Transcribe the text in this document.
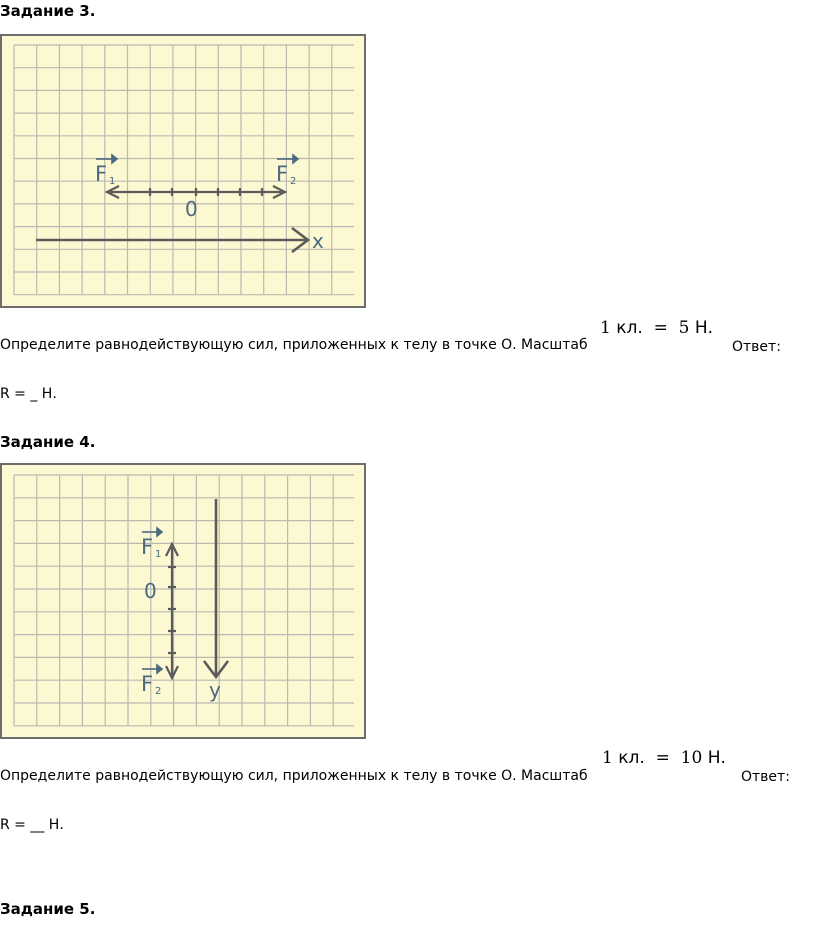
Задание 3.
F 1	F 2
0
x
Определите равнодействующую сил, приложенных к телу в точке О. Масштаб
1 кл. = 5 Н.
Ответ:
R = _ Н.
Задание 4.
F 1
F 2
0
y
Определите равнодействующую сил, приложенных к телу в точке О. Масштаб
1 кл. = 10 Н.
Ответ:
R = __ Н.
Задание 5.
